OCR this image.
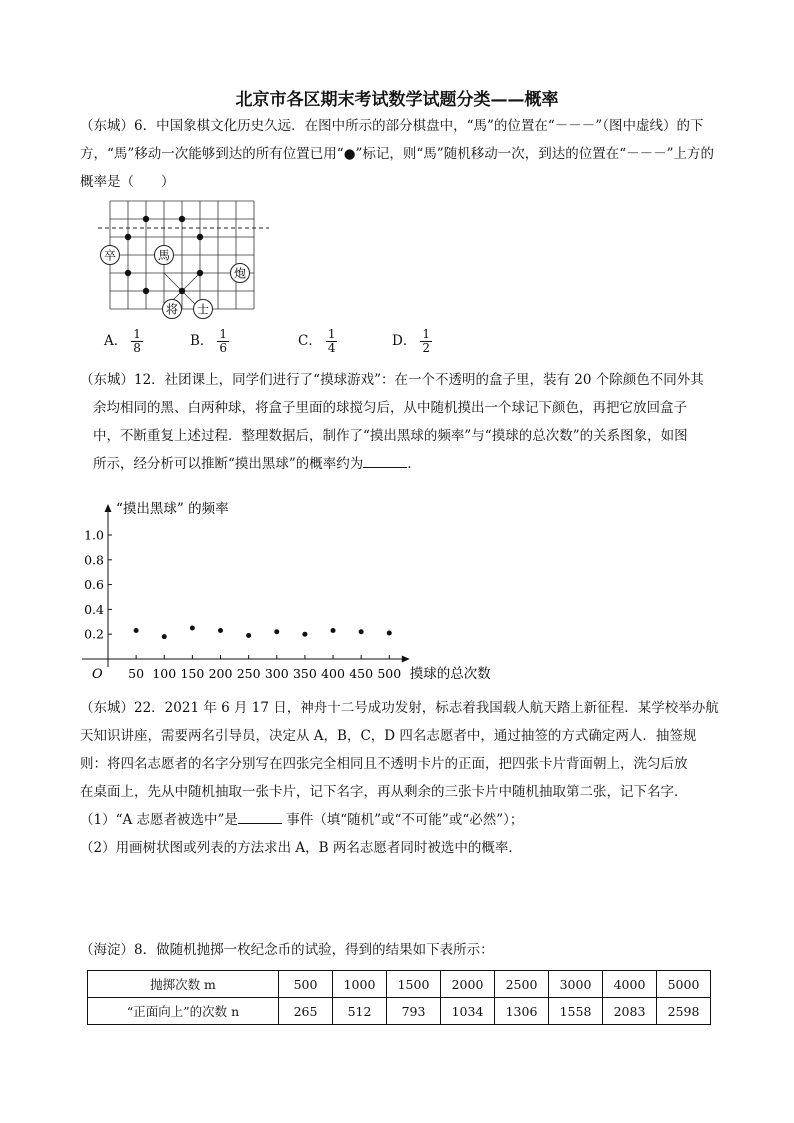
北京市各区期末考试数学试题分类——概率
（东城）6．中国象棋文化历史久远．在图中所示的部分棋盘中，“馬”的位置在“－－－”（图中虚线）的下
方，“馬”移动一次能够到达的所有位置已用“●”标记，则“馬”随机移动一次，到达的位置在“－－－”上方的
概率是（　　）
卒	馬
炮
将 士
A． $\frac{1}{8}$	B． $\frac{1}{6}$	C． $\frac{1}{4}$	D． $\frac{1}{2}$
（东城）12．社团课上，同学们进行了“摸球游戏”：在一个不透明的盒子里，装有 20 个除颜色不同外其
余均相同的黑、白两种球，将盒子里面的球搅匀后，从中随机摸出一个球记下颜色，再把它放回盒子
中，不断重复上述过程．整理数据后，制作了“摸出黑球的频率”与“摸球的总次数”的关系图象，如图
所示，经分析可以推断“摸出黑球”的概率约为	．
“摸出黑球” 的频率
摸球的总次数
O 50 100 150 200 250 300 350 400 450 500
0.2
0.4
0.6
0.8
1.0
（东城）22．2021 年 6 月 17 日，神舟十二号成功发射，标志着我国载人航天踏上新征程．某学校举办航
天知识讲座，需要两名引导员，决定从 A，B，C，D 四名志愿者中，通过抽签的方式确定两人．抽签规
则：将四名志愿者的名字分别写在四张完全相同且不透明卡片的正面，把四张卡片背面朝上，洗匀后放
在桌面上，先从中随机抽取一张卡片，记下名字，再从剩余的三张卡片中随机抽取第二张，记下名字．
（1）“A 志愿者被选中”是	事件（填“随机”或“不可能”或“必然”）；
（2）用画树状图或列表的方法求出 A，B 两名志愿者同时被选中的概率．
（海淀）8．做随机抛掷一枚纪念币的试验，得到的结果如下表所示：
抛掷次数 m	500	1000	1500	2000	2500	3000	4000	5000
“正面向上”的次数 n	265	512	793	1034	1306	1558	2083	2598
